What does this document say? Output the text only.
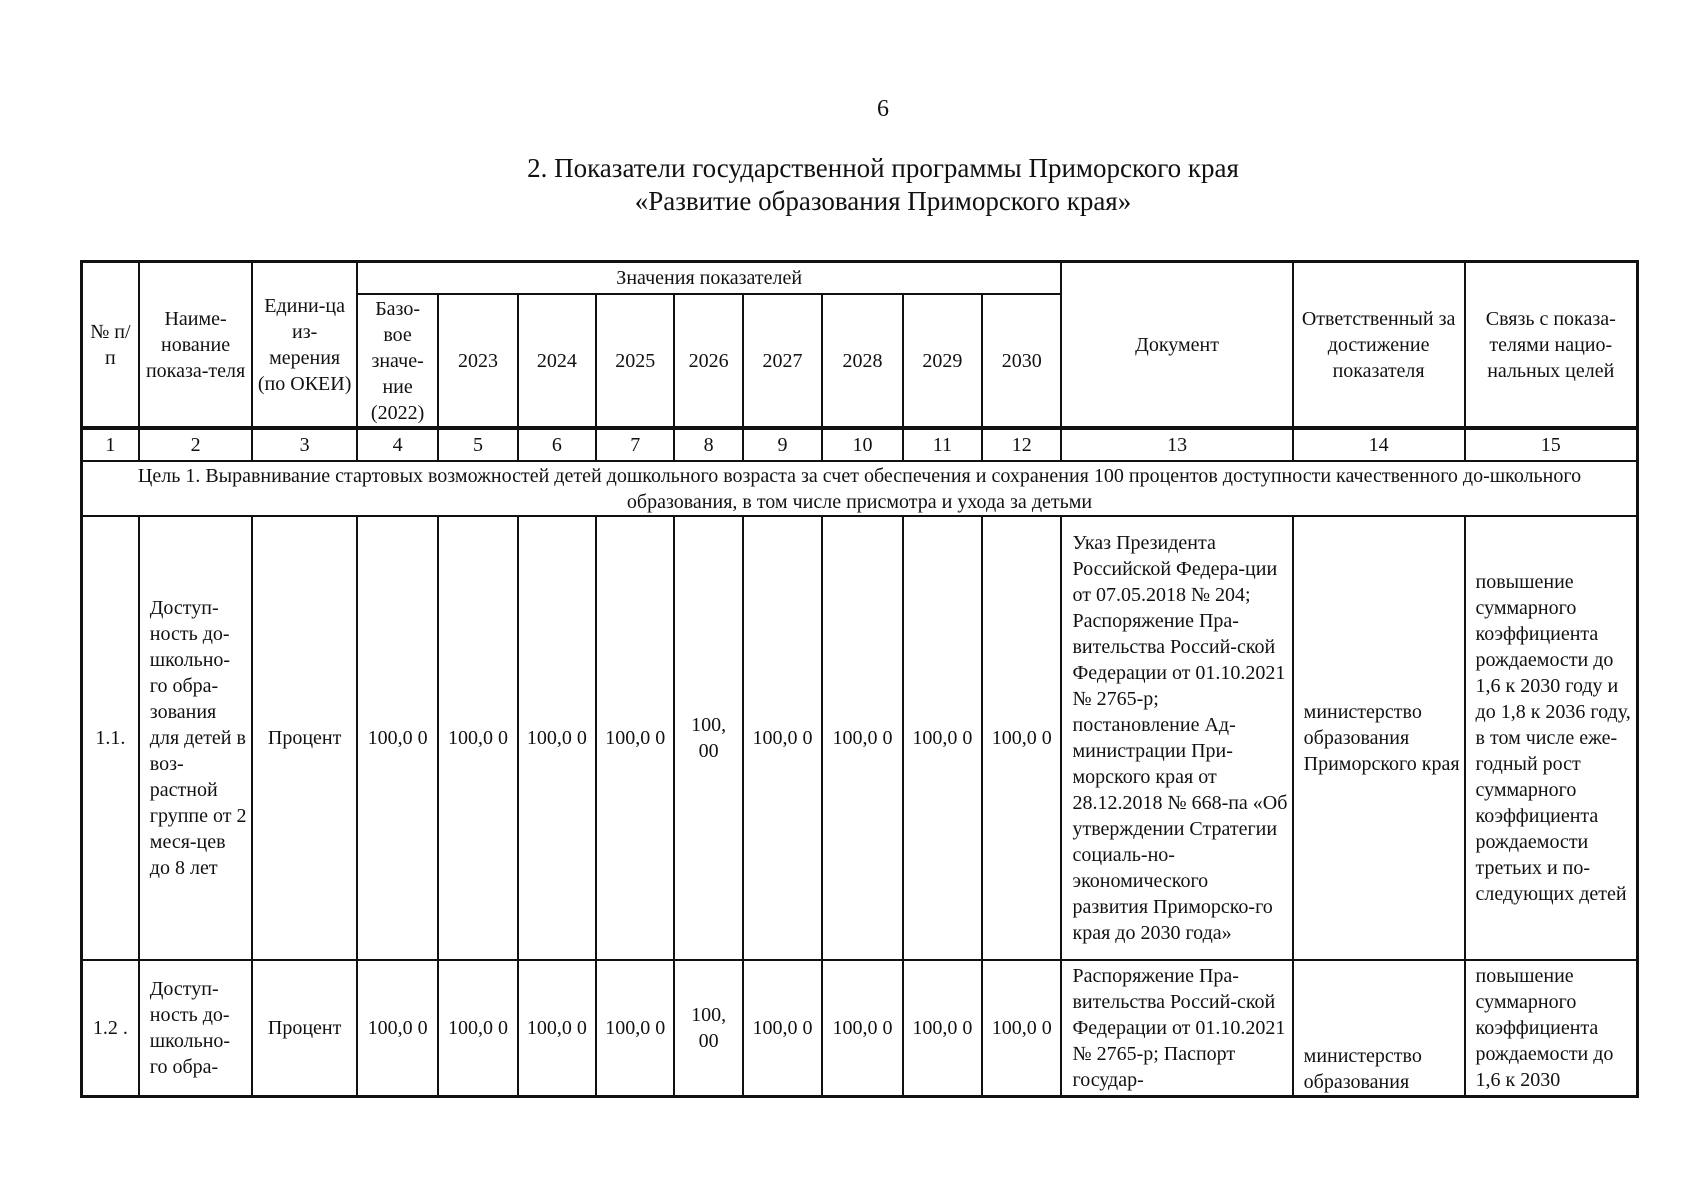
6
2. Показатели государственной программы Приморского края
«Развитие образования Приморского края»
№ п/п	Наиме-нование показа-теля	Едини-ца из-мерения (по ОКЕИ)	Значения показателей									Документ	Ответственный за достижение показателя	Связь с показа-телями нацио-нальных целей
			Базо-вое значе-ние (2022)	2023	2024	2025	2026	2027	2028	2029	2030			
1	2	3	4	5	6	7	8	9	10	11	12	13	14	15
Цель 1. Выравнивание стартовых возможностей детей дошкольного возраста за счет обеспечения и сохранения 100 процентов доступности качественного до-школьного образования, в том числе присмотра и ухода за детьми														
1.1.	Доступ-ность до-школьно-го обра-зования для детей в воз-растной группе от 2 меся-цев до 8 лет	Процент	100,0 0	100,0 0	100,0 0	100,0 0	100, 00	100,0 0	100,0 0	100,0 0	100,0 0	Указ Президента Российской Федера-ции от 07.05.2018 № 204; Распоряжение Пра-вительства Россий-ской Федерации от 01.10.2021 № 2765-р; постановление Ад-министрации При-морского края от 28.12.2018 № 668-па «Об утверждении Стратегии социаль-но-экономического развития Приморско-го края до 2030 года»	министерство образования Приморского края	повышение суммарного коэффициента рождаемости до 1,6 к 2030 году и до 1,8 к 2036 году, в том числе еже-годный рост суммарного коэффициента рождаемости третьих и по-следующих детей
1.2 .	Доступ-ность до-школьно-го обра-	Процент	100,0 0	100,0 0	100,0 0	100,0 0	100, 00	100,0 0	100,0 0	100,0 0	100,0 0	Распоряжение Пра-вительства Россий-ской Федерации от 01.10.2021 № 2765-р; Паспорт государ-	министерство образования	повышение суммарного коэффициента рождаемости до 1,6 к 2030
